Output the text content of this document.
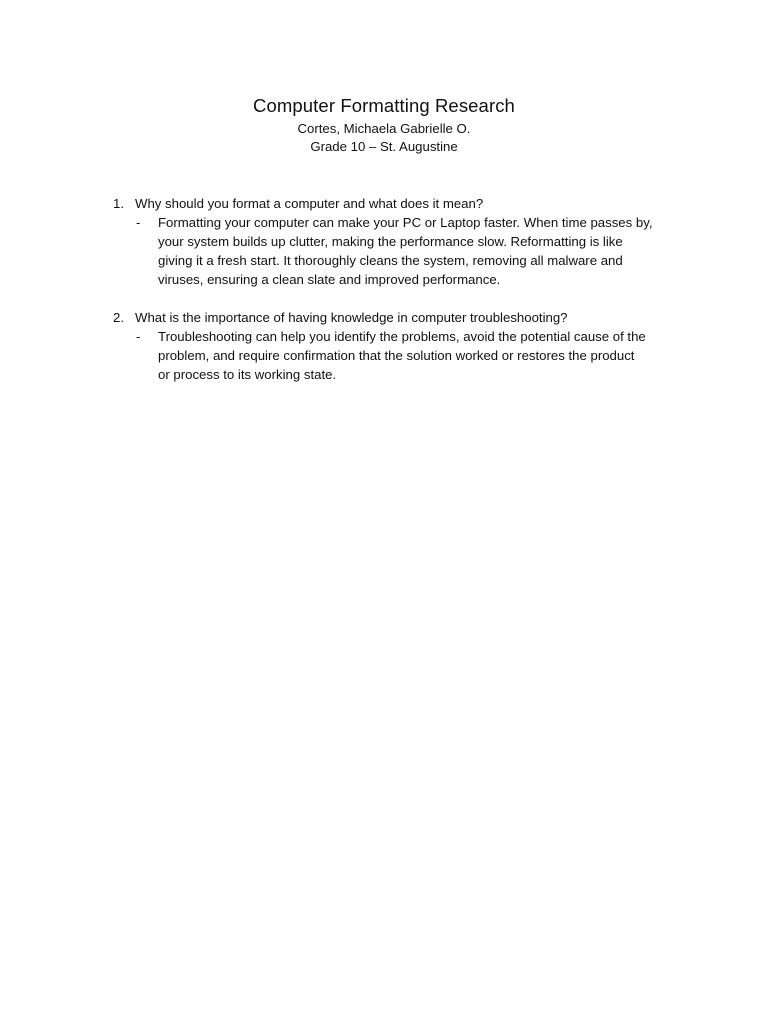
Computer Formatting Research
Cortes, Michaela Gabrielle O.
Grade 10 – St. Augustine
1. Why should you format a computer and what does it mean?
- Formatting your computer can make your PC or Laptop faster. When time passes by,
your system builds up clutter, making the performance slow. Reformatting is like
giving it a fresh start. It thoroughly cleans the system, removing all malware and
viruses, ensuring a clean slate and improved performance.
2. What is the importance of having knowledge in computer troubleshooting?
- Troubleshooting can help you identify the problems, avoid the potential cause of the
problem, and require confirmation that the solution worked or restores the product
or process to its working state.
